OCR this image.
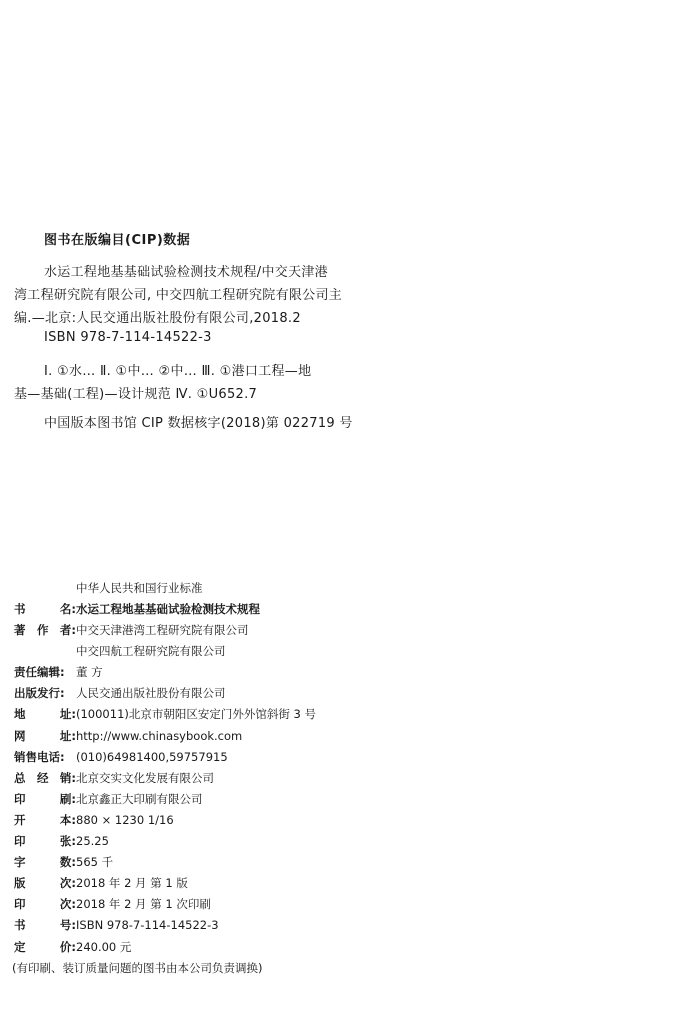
图书在版编目(CIP)数据
水运工程地基基础试验检测技术规程/中交天津港
湾工程研究院有限公司, 中交四航工程研究院有限公司主
编.—北京:人民交通出版社股份有限公司,2018.2
ISBN 978-7-114-14522-3
Ⅰ. ①水… Ⅱ. ①中… ②中… Ⅲ. ①港口工程—地
基—基础(工程)—设计规范 Ⅳ. ①U652.7
中国版本图书馆 CIP 数据核字(2018)第 022719 号
中华人民共和国行业标准
书	名: 水运工程地基基础试验检测技术规程
著 作 者: 中交天津港湾工程研究院有限公司
中交四航工程研究院有限公司
责任编辑: 董 方
出版发行: 人民交通出版社股份有限公司
地	址: (100011)北京市朝阳区安定门外外馆斜街 3 号
网	址: http://www.chinasybook.com
销售电话: (010)64981400,59757915
总 经 销: 北京交实文化发展有限公司
印	刷: 北京鑫正大印刷有限公司
开	本: 880 × 1230 1/16
印	张: 25.25
字	数: 565 千
版	次: 2018 年 2 月 第 1 版
印	次: 2018 年 2 月 第 1 次印刷
书	号: ISBN 978-7-114-14522-3
定	价: 240.00 元
(有印刷、装订质量问题的图书由本公司负责调换)
